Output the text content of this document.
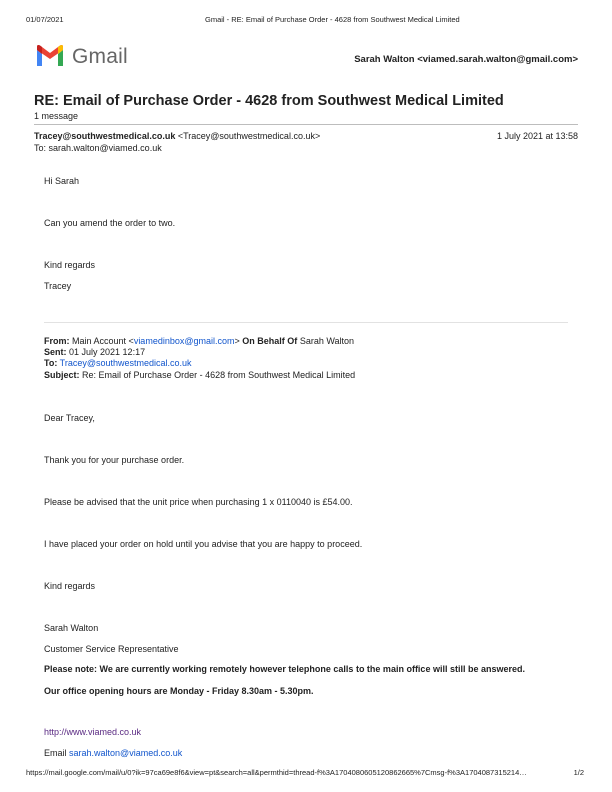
01/07/2021	Gmail - RE: Email of Purchase Order - 4628 from Southwest Medical Limited
Gmail	Sarah Walton <viamed.sarah.walton@gmail.com>
RE: Email of Purchase Order - 4628 from Southwest Medical Limited
1 message
Tracey@southwestmedical.co.uk <Tracey@southwestmedical.co.uk>	1 July 2021 at 13:58
To: sarah.walton@viamed.co.uk
Hi Sarah
Can you amend the order to two.
Kind regards
Tracey
From: Main Account <viamedinbox@gmail.com> On Behalf Of Sarah Walton
Sent: 01 July 2021 12:17
To: Tracey@southwestmedical.co.uk
Subject: Re: Email of Purchase Order - 4628 from Southwest Medical Limited
Dear Tracey,
Thank you for your purchase order.
Please be advised that the unit price when purchasing 1 x 0110040 is £54.00.
I have placed your order on hold until you advise that you are happy to proceed.
Kind regards
Sarah Walton
Customer Service Representative
Please note: We are currently working remotely however telephone calls to the main office will still be answered.
Our office opening hours are Monday - Friday 8.30am - 5.30pm.
http://www.viamed.co.uk
Email sarah.walton@viamed.co.uk
https://mail.google.com/mail/u/0?ik=97ca69e8f6&view=pt&search=all&permthid=thread-f%3A1704080605120862665%7Cmsg-f%3A1704087315214…	1/2
